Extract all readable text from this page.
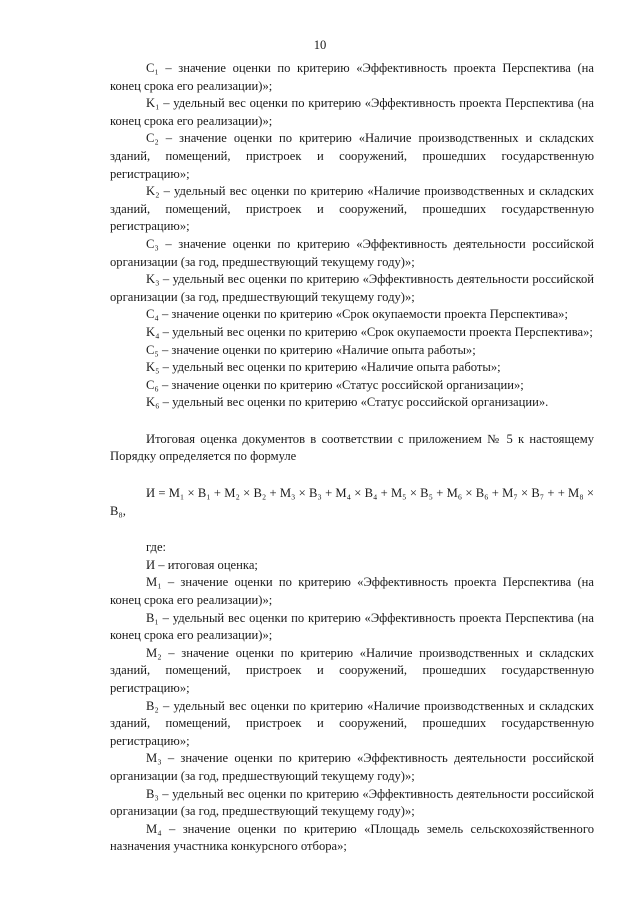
10

C₁ – значение оценки по критерию «Эффективность проекта Перспектива (на конец срока его реализации)»;

K₁ – удельный вес оценки по критерию «Эффективность проекта Перспектива (на конец срока его реализации)»;

C₂ – значение оценки по критерию «Наличие производственных и складских зданий, помещений, пристроек и сооружений, прошедших государственную регистрацию»;

K₂ – удельный вес оценки по критерию «Наличие производственных и складских зданий, помещений, пристроек и сооружений, прошедших государственную регистрацию»;

C₃ – значение оценки по критерию «Эффективность деятельности российской организации (за год, предшествующий текущему году)»;

K₃ – удельный вес оценки по критерию «Эффективность деятельности российской организации (за год, предшествующий текущему году)»;

C₄ – значение оценки по критерию «Срок окупаемости проекта Перспектива»;

K₄ – удельный вес оценки по критерию «Срок окупаемости проекта Перспектива»;

C₅ – значение оценки по критерию «Наличие опыта работы»;

K₅ – удельный вес оценки по критерию «Наличие опыта работы»;

C₆ – значение оценки по критерию «Статус российской организации»;

K₆ – удельный вес оценки по критерию «Статус российской организации».

Итоговая оценка документов в соответствии с приложением № 5 к настоящему Порядку определяется по формуле

И = M₁ × B₁ + M₂ × B₂ + M₃ × B₃ + M₄ × B₄ + M₅ × B₅ + M₆ × B₆ + M₇ × B₇ + + M₈ × B₈,

где:

И – итоговая оценка;

M₁ – значение оценки по критерию «Эффективность проекта Перспектива (на конец срока его реализации)»;

B₁ – удельный вес оценки по критерию «Эффективность проекта Перспектива (на конец срока его реализации)»;

M₂ – значение оценки по критерию «Наличие производственных и складских зданий, помещений, пристроек и сооружений, прошедших государственную регистрацию»;

B₂ – удельный вес оценки по критерию «Наличие производственных и складских зданий, помещений, пристроек и сооружений, прошедших государственную регистрацию»;

M₃ – значение оценки по критерию «Эффективность деятельности российской организации (за год, предшествующий текущему году)»;

B₃ – удельный вес оценки по критерию «Эффективность деятельности российской организации (за год, предшествующий текущему году)»;

M₄ – значение оценки по критерию «Площадь земель сельскохозяйственного назначения участника конкурсного отбора»;
